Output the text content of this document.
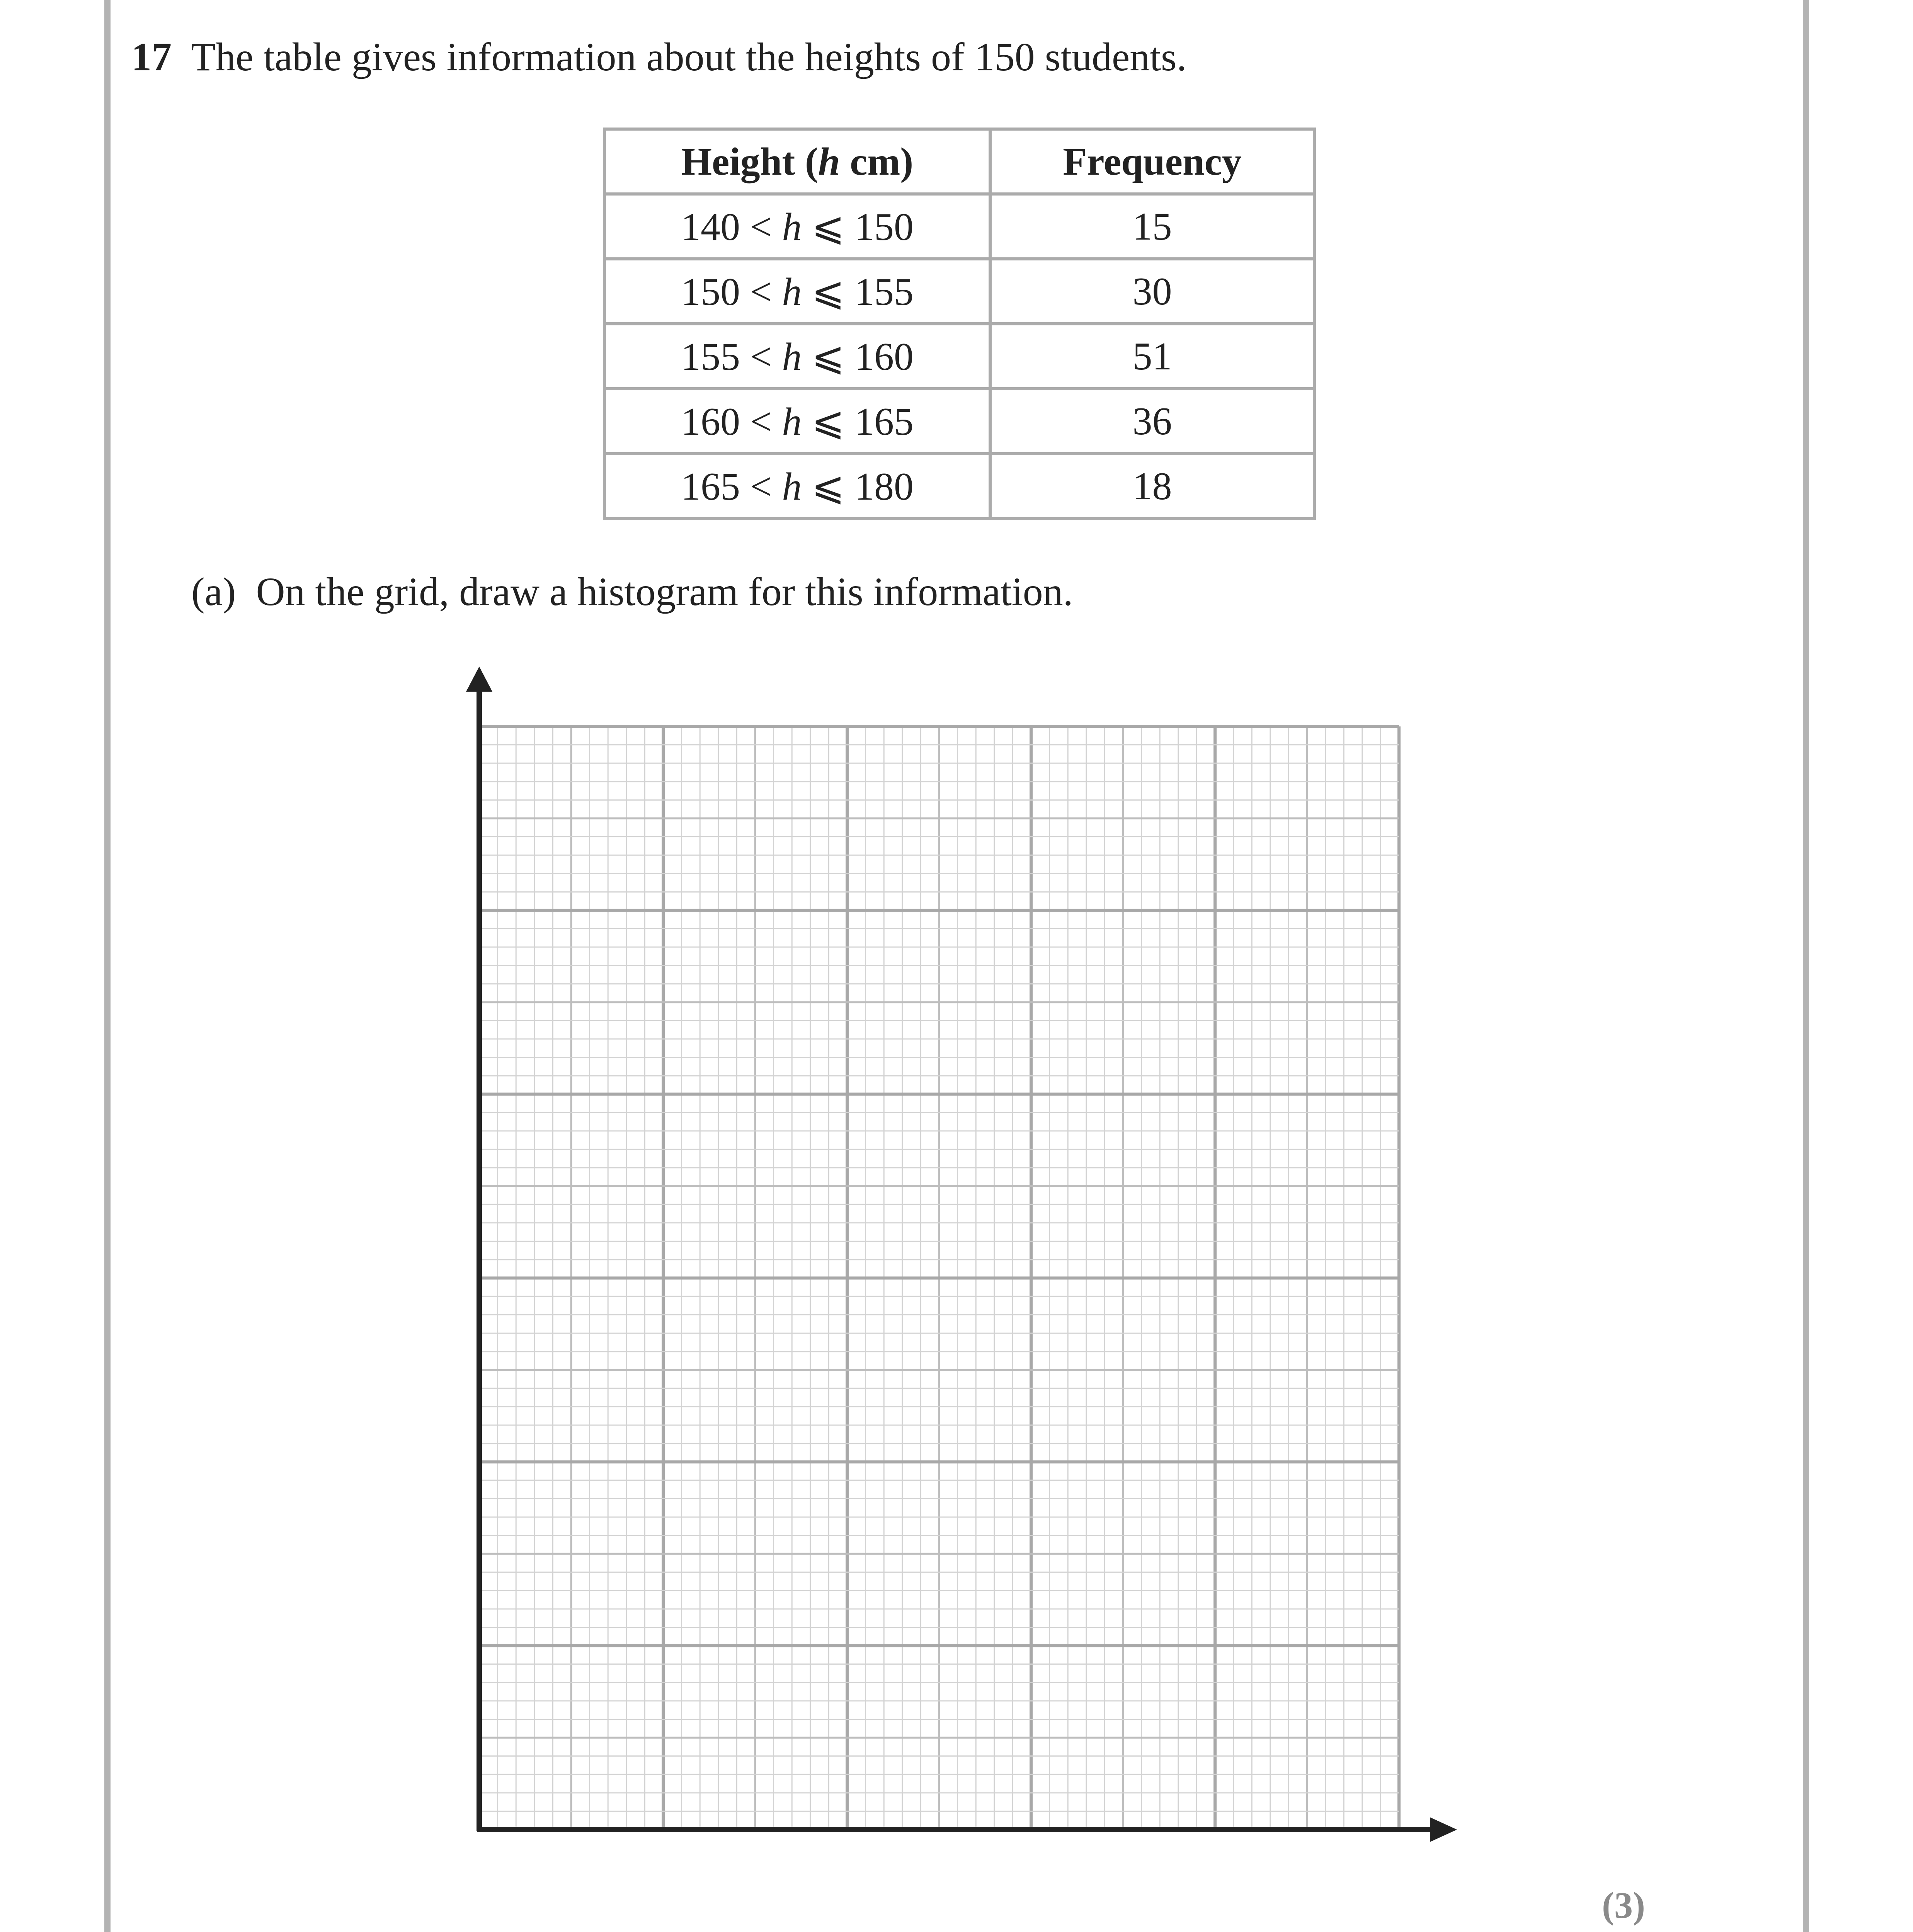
17 The table gives information about the heights of 150 students.
Height (h cm)	Frequency
140 < h ⩽ 150	15
150 < h ⩽ 155	30
155 < h ⩽ 160	51
160 < h ⩽ 165	36
165 < h ⩽ 180	18
(a) On the grid, draw a histogram for this information.
(3)
